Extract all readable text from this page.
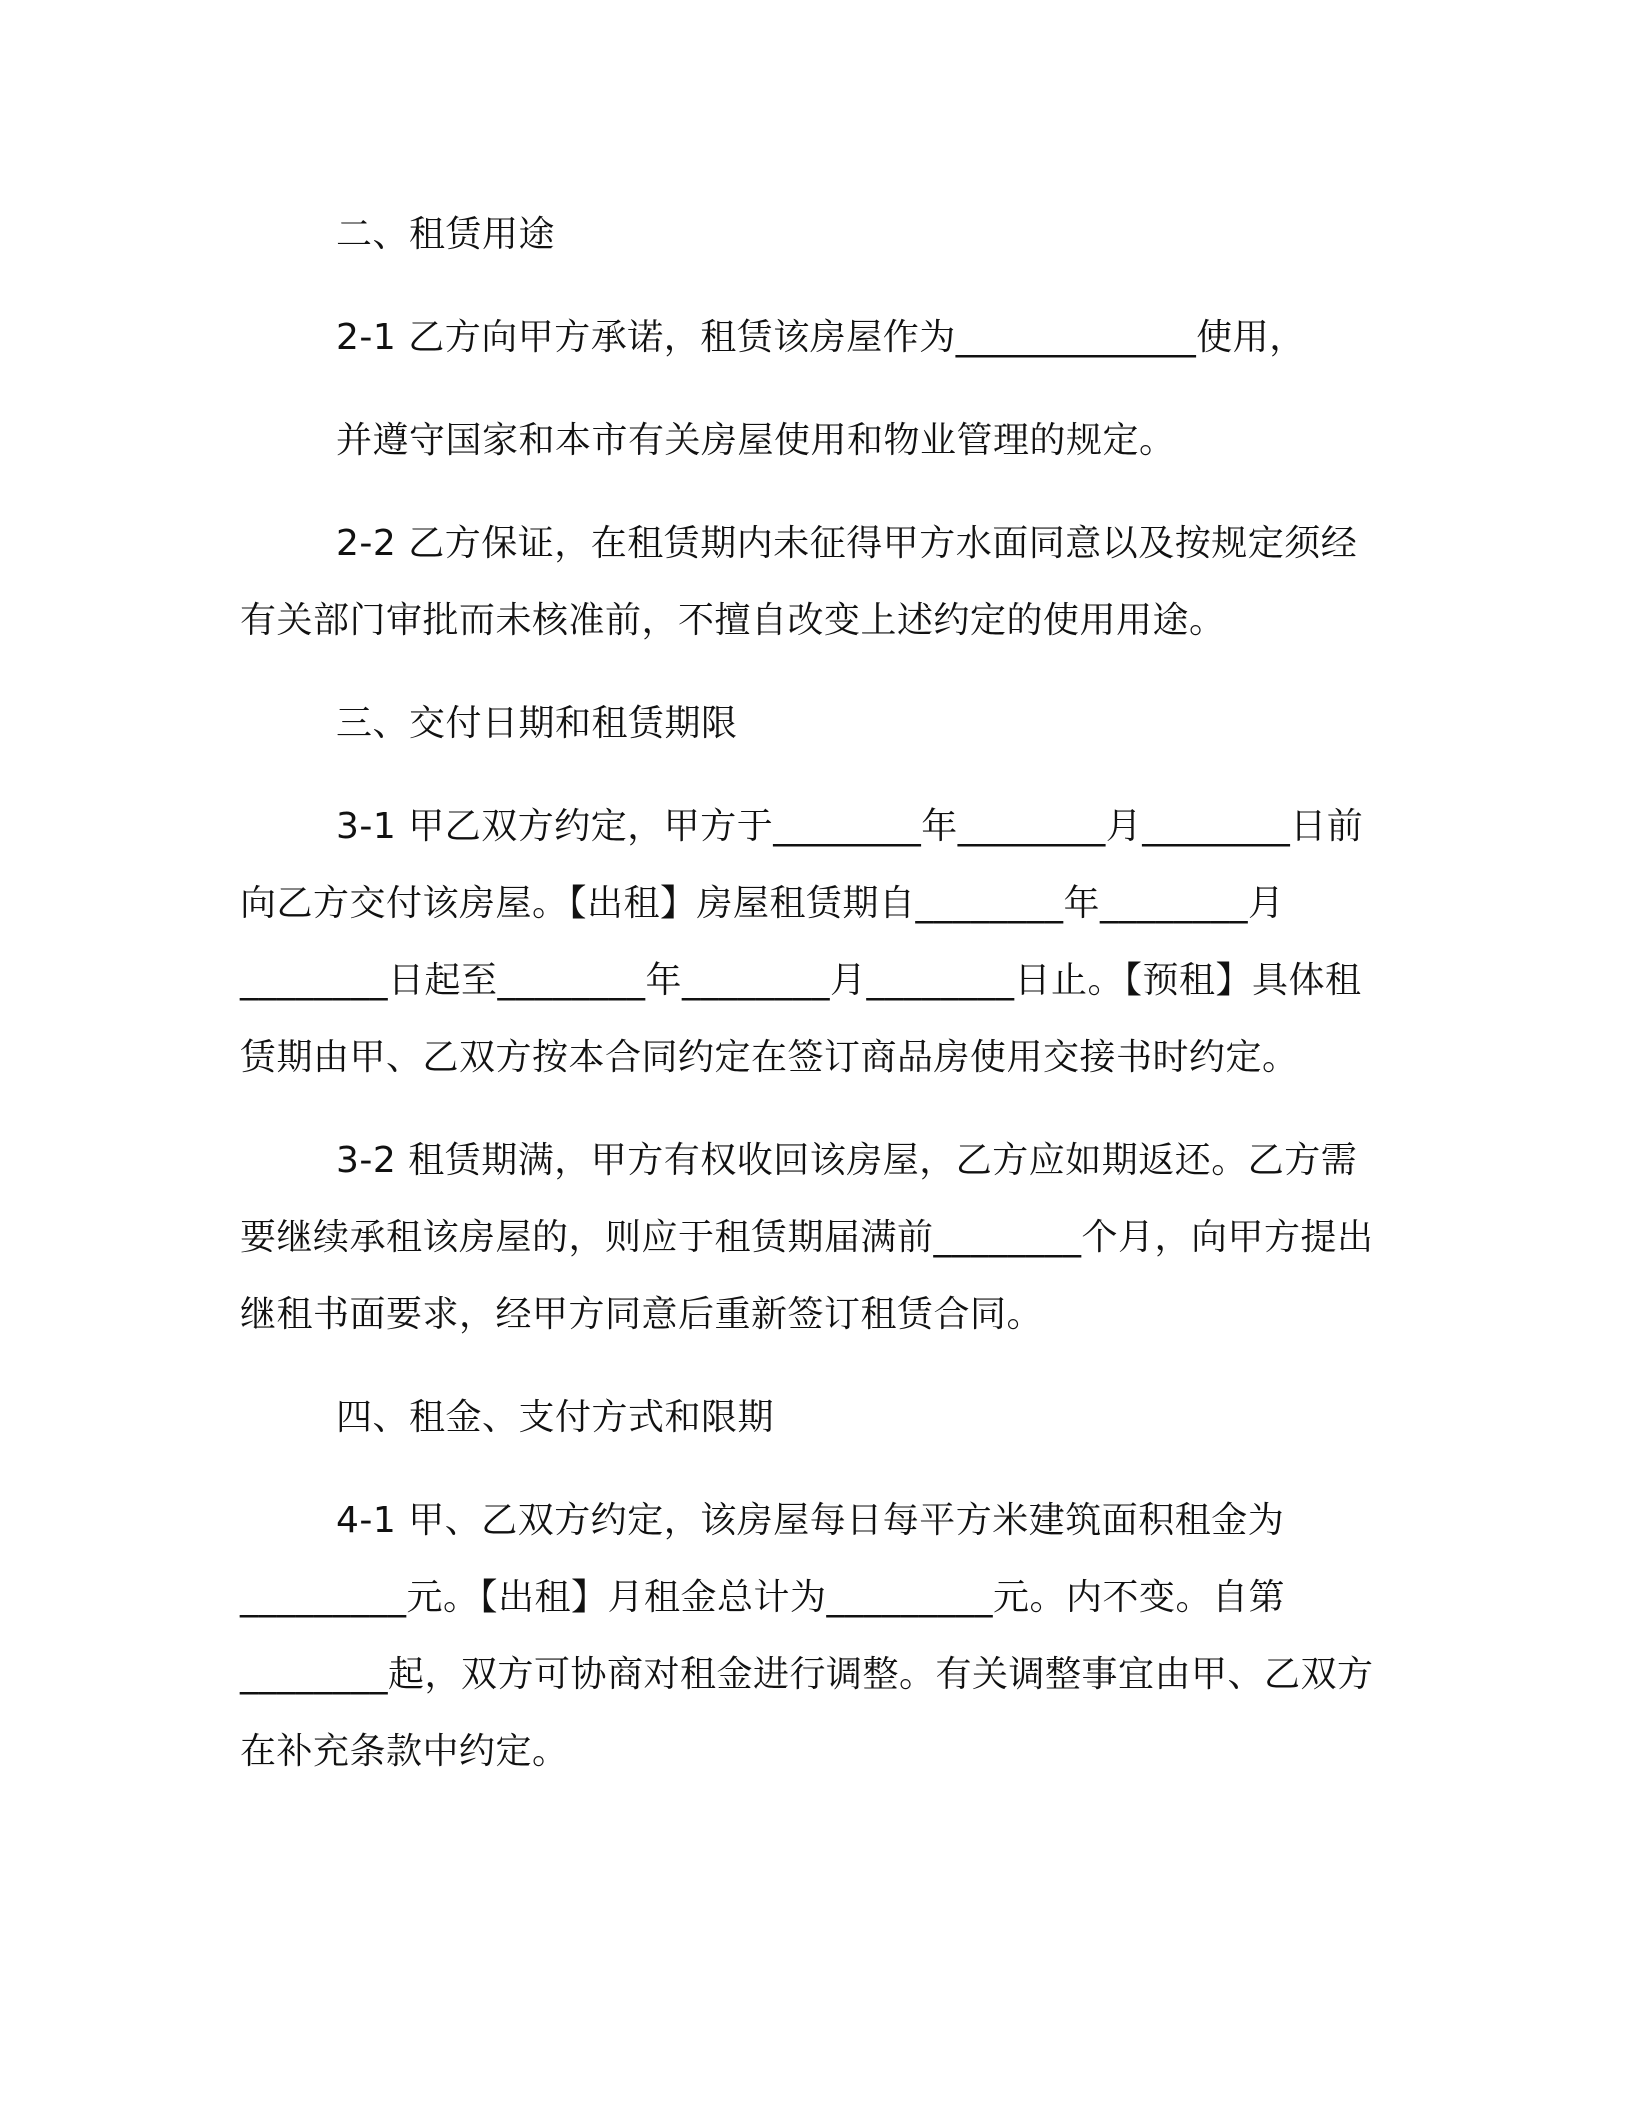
二、租赁用途

2-1 乙方向甲方承诺，租赁该房屋作为_____________使用，

并遵守国家和本市有关房屋使用和物业管理的规定。

2-2 乙方保证，在租赁期内未征得甲方水面同意以及按规定须经有关部门审批而未核准前，不擅自改变上述约定的使用用途。

三、交付日期和租赁期限

3-1 甲乙双方约定，甲方于________年________月________日前向乙方交付该房屋。【出租】房屋租赁期自________年________月________日起至________年________月________日止。【预租】具体租赁期由甲、乙双方按本合同约定在签订商品房使用交接书时约定。

3-2 租赁期满，甲方有权收回该房屋，乙方应如期返还。乙方需要继续承租该房屋的，则应于租赁期届满前________个月，向甲方提出继租书面要求，经甲方同意后重新签订租赁合同。

四、租金、支付方式和限期

4-1 甲、乙双方约定，该房屋每日每平方米建筑面积租金为_________元。【出租】月租金总计为_________元。内不变。自第________起，双方可协商对租金进行调整。有关调整事宜由甲、乙双方在补充条款中约定。
